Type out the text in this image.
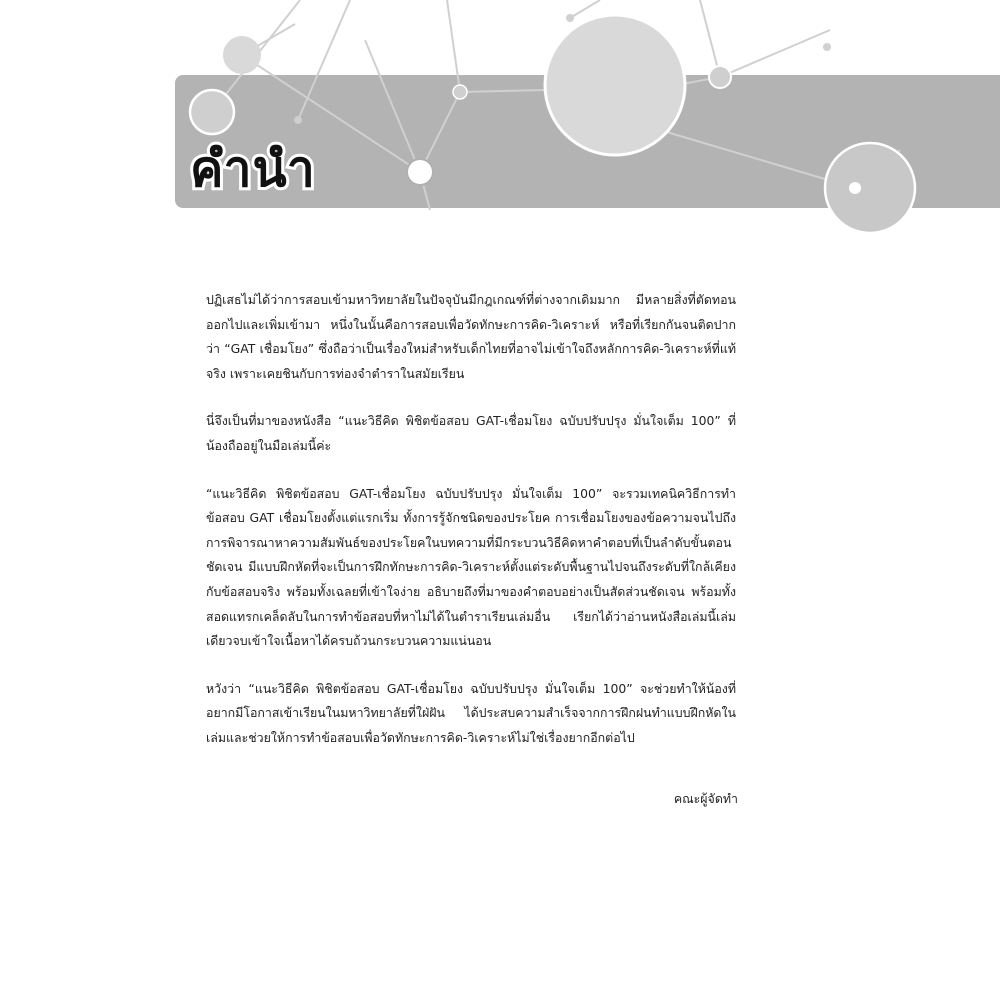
คำนำ

ปฏิเสธไม่ได้ว่าการสอบเข้ามหาวิทยาลัยในปัจจุบันมีกฎเกณฑ์ที่ต่างจากเดิมมาก มีหลายสิ่งที่ตัดทอนออกไปและเพิ่มเข้ามา หนึ่งในนั้นคือการสอบเพื่อวัดทักษะการคิด-วิเคราะห์ หรือที่เรียกกันจนติดปากว่า “GAT เชื่อมโยง” ซึ่งถือว่าเป็นเรื่องใหม่สำหรับเด็กไทยที่อาจไม่เข้าใจถึงหลักการคิด-วิเคราะห์ที่แท้จริง เพราะเคยชินกับการท่องจำตำราในสมัยเรียน

นี่จึงเป็นที่มาของหนังสือ “แนะวิธีคิด พิชิตข้อสอบ GAT-เชื่อมโยง ฉบับปรับปรุง มั่นใจเต็ม 100” ที่น้องถืออยู่ในมือเล่มนี้ค่ะ

“แนะวิธีคิด พิชิตข้อสอบ GAT-เชื่อมโยง ฉบับปรับปรุง มั่นใจเต็ม 100” จะรวมเทคนิควิธีการทำข้อสอบ GAT เชื่อมโยงตั้งแต่แรกเริ่ม ทั้งการรู้จักชนิดของประโยค การเชื่อมโยงของข้อความจนไปถึงการพิจารณาหาความสัมพันธ์ของประโยคในบทความที่มีกระบวนวิธีคิดหาคำตอบที่เป็นลำดับขั้นตอนชัดเจน มีแบบฝึกหัดที่จะเป็นการฝึกทักษะการคิด-วิเคราะห์ตั้งแต่ระดับพื้นฐานไปจนถึงระดับที่ใกล้เคียงกับข้อสอบจริง พร้อมทั้งเฉลยที่เข้าใจง่าย อธิบายถึงที่มาของคำตอบอย่างเป็นสัดส่วนชัดเจน พร้อมทั้งสอดแทรกเคล็ดลับในการทำข้อสอบที่หาไม่ได้ในตำราเรียนเล่มอื่น เรียกได้ว่าอ่านหนังสือเล่มนี้เล่มเดียวจบเข้าใจเนื้อหาได้ครบถ้วนกระบวนความแน่นอน

หวังว่า “แนะวิธีคิด พิชิตข้อสอบ GAT-เชื่อมโยง ฉบับปรับปรุง มั่นใจเต็ม 100” จะช่วยทำให้น้องที่อยากมีโอกาสเข้าเรียนในมหาวิทยาลัยที่ใฝ่ฝัน ได้ประสบความสำเร็จจากการฝึกฝนทำแบบฝึกหัดในเล่มและช่วยให้การทำข้อสอบเพื่อวัดทักษะการคิด-วิเคราะห์ไม่ใช่เรื่องยากอีกต่อไป

คณะผู้จัดทำ
